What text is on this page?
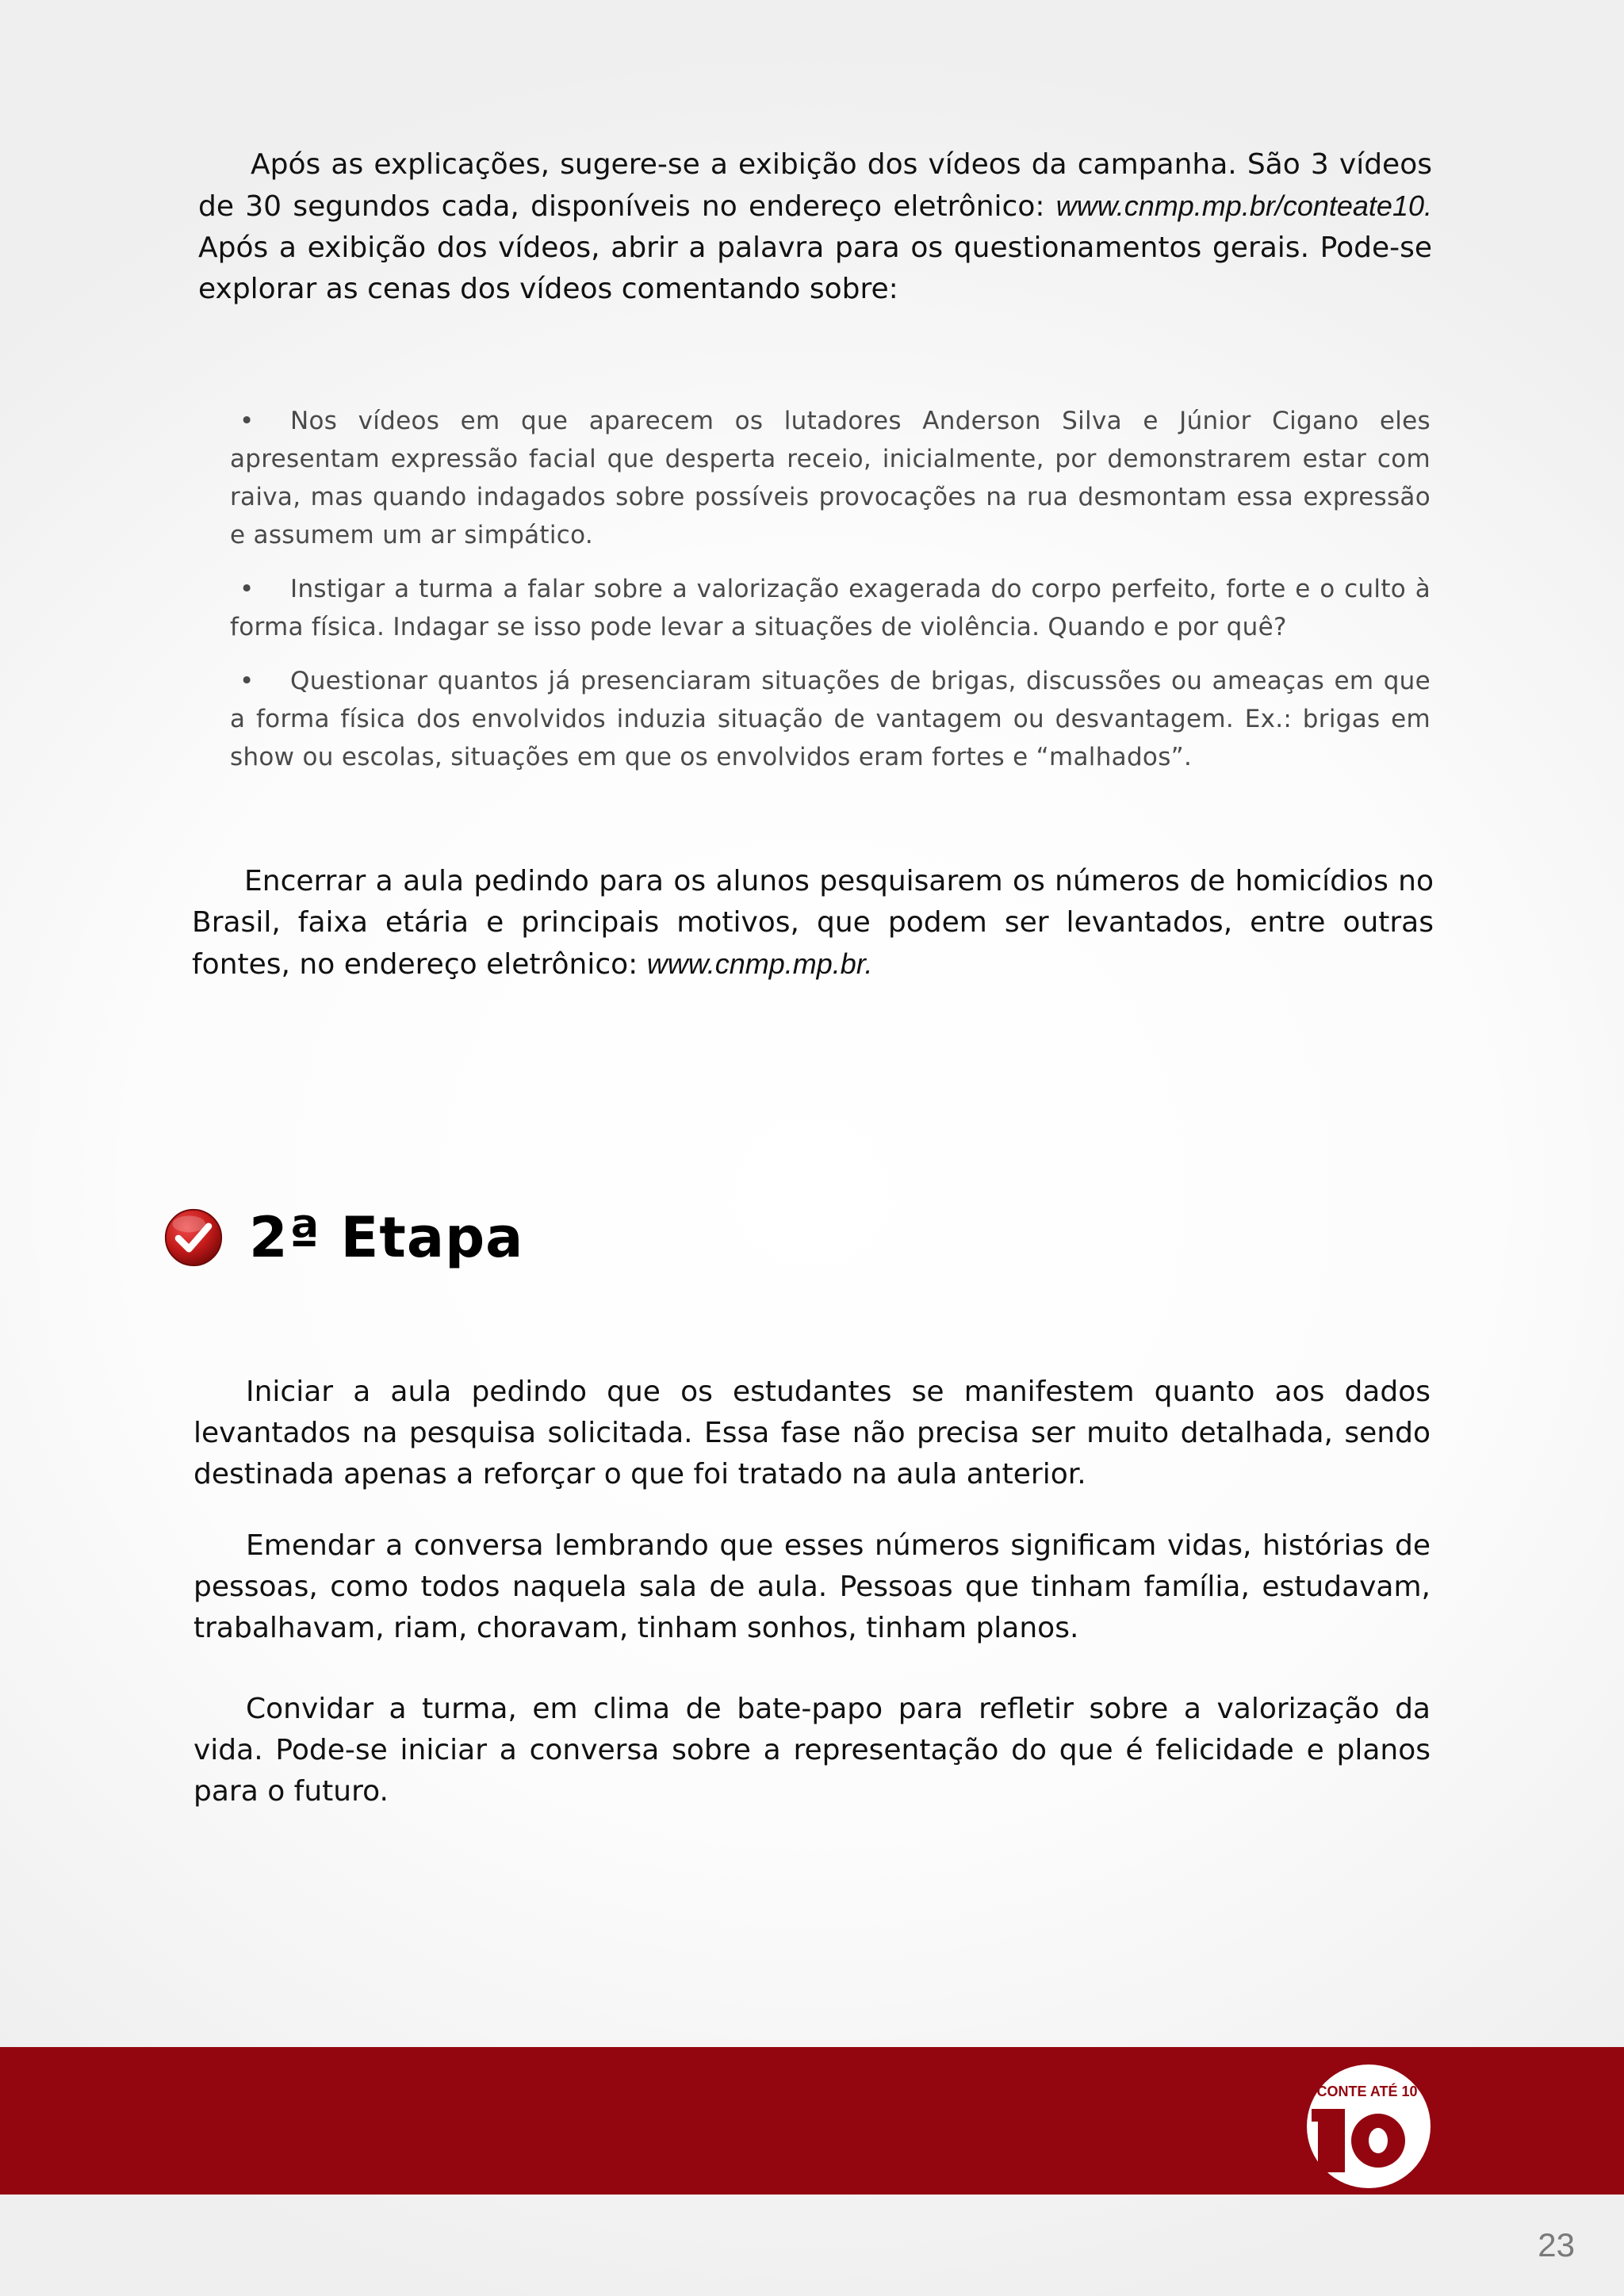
Após as explicações, sugere-se a exibição dos vídeos da campanha. São 3 vídeos de 30 segundos cada, disponíveis no endereço eletrônico: www.cnmp.mp.br/conteate10. Após a exibição dos vídeos, abrir a palavra para os questionamentos gerais. Pode-se explorar as cenas dos vídeos comentando sobre:

• Nos vídeos em que aparecem os lutadores Anderson Silva e Júnior Cigano eles apresentam expressão facial que desperta receio, inicialmente, por demonstrarem estar com raiva, mas quando indagados sobre possíveis provocações na rua desmontam essa expressão e assumem um ar simpático.
• Instigar a turma a falar sobre a valorização exagerada do corpo perfeito, forte e o culto à forma física. Indagar se isso pode levar a situações de violência. Quando e por quê?
• Questionar quantos já presenciaram situações de brigas, discussões ou ameaças em que a forma física dos envolvidos induzia situação de vantagem ou desvantagem. Ex.: brigas em show ou escolas, situações em que os envolvidos eram fortes e “malhados”.

Encerrar a aula pedindo para os alunos pesquisarem os números de homicídios no Brasil, faixa etária e principais motivos, que podem ser levantados, entre outras fontes, no endereço eletrônico: www.cnmp.mp.br.

2ª Etapa

Iniciar a aula pedindo que os estudantes se manifestem quanto aos dados levantados na pesquisa solicitada. Essa fase não precisa ser muito detalhada, sendo destinada apenas a reforçar o que foi tratado na aula anterior.

Emendar a conversa lembrando que esses números significam vidas, histórias de pessoas, como todos naquela sala de aula. Pessoas que tinham família, estudavam, trabalhavam, riam, choravam, tinham sonhos, tinham planos.

Convidar a turma, em clima de bate-papo para refletir sobre a valorização da vida. Pode-se iniciar a conversa sobre a representação do que é felicidade e planos para o futuro.

CONTE ATÉ 10
23
